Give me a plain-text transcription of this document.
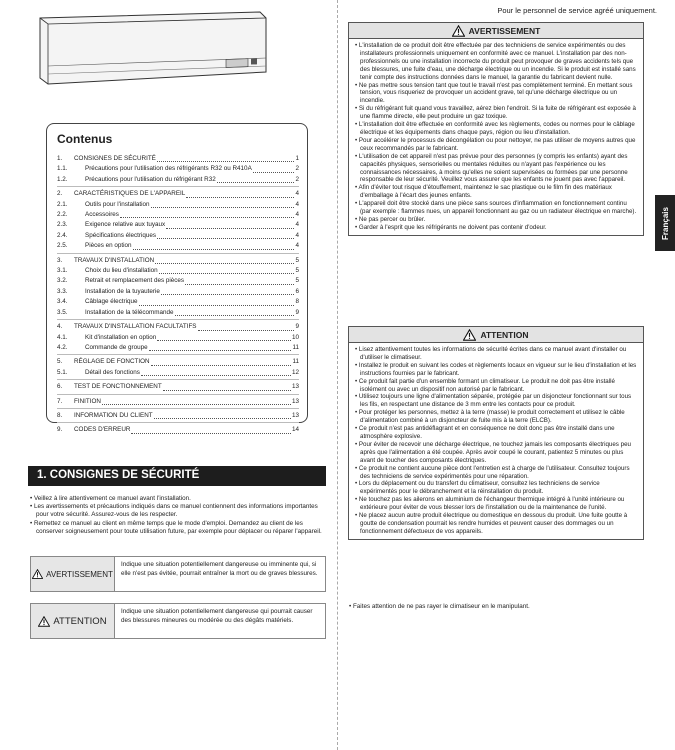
Pour le personnel de service agréé uniquement.
Contenus
1.	CONSIGNES DE SÉCURITÉ	1
1.1.	Précautions pour l'utilisation des réfrigérants R32 ou R410A	2
1.2.	Précautions pour l'utilisation du réfrigérant R32	2
2.	CARACTÉRISTIQUES DE L'APPAREIL	4
2.1.	Outils pour l'installation	4
2.2.	Accessoires	4
2.3.	Exigence relative aux tuyaux	4
2.4.	Spécifications électriques	4
2.5.	Pièces en option	4
3.	TRAVAUX D'INSTALLATION	5
3.1.	Choix du lieu d'installation	5
3.2.	Retrait et remplacement des pièces	5
3.3.	Installation de la tuyauterie	6
3.4.	Câblage électrique	8
3.5.	Installation de la télécommande	9
4.	TRAVAUX D'INSTALLATION FACULTATIFS	9
4.1.	Kit d'installation en option	10
4.2.	Commande de groupe	11
5.	RÉGLAGE DE FONCTION	11
5.1.	Détail des fonctions	12
6.	TEST DE FONCTIONNEMENT	13
7.	FINITION	13
8.	INFORMATION DU CLIENT	13
9.	CODES D'ERREUR	14
1. CONSIGNES DE SÉCURITÉ
• Veillez à lire attentivement ce manuel avant l'installation.
• Les avertissements et précautions indiqués dans ce manuel contiennent des informations importantes pour votre sécurité. Assurez-vous de les respecter.
• Remettez ce manuel au client en même temps que le mode d'emploi. Demandez au client de les conserver soigneusement pour toute utilisation future, par exemple pour déplacer ou réparer l'appareil.
AVERTISSEMENT
Indique une situation potentiellement dangereuse ou imminente qui, si elle n'est pas évitée, pourrait entraîner la mort ou de graves blessures.
ATTENTION
Indique une situation potentiellement dangereuse qui pourrait causer des blessures mineures ou modérée ou des dégâts matériels.
Français
AVERTISSEMENT
• L'installation de ce produit doit être effectuée par des techniciens de service expérimentés ou des installateurs professionnels uniquement en conformité avec ce manuel. L'installation par des non-professionnels ou une installation incorrecte du produit peut provoquer de graves accidents tels que des blessures, une fuite d'eau, une décharge électrique ou un incendie. Si le produit est installé sans tenir compte des instructions données dans le manuel, la garantie du fabricant devient nulle.
• Ne pas mettre sous tension tant que tout le travail n'est pas complètement terminé. En mettant sous tension, vous risqueriez de provoquer un accident grave, tel qu'une décharge électrique ou un incendie.
• Si du réfrigérant fuit quand vous travaillez, aérez bien l'endroit. Si la fuite de réfrigérant est exposée à une flamme directe, elle peut produire un gaz toxique.
• L'installation doit être effectuée en conformité avec les règlements, codes ou normes pour le câblage électrique et les équipements dans chaque pays, région ou lieu d'installation.
• Pour accélérer le processus de décongélation ou pour nettoyer, ne pas utiliser de moyens autres que ceux recommandés par le fabricant.
• L'utilisation de cet appareil n'est pas prévue pour des personnes (y compris les enfants) ayant des capacités physiques, sensorielles ou mentales réduites ou n'ayant pas l'expérience ou les connaissances nécessaires, à moins qu'elles ne soient supervisées ou formées par une personne responsable de leur sécurité. Veuillez vous assurer que les enfants ne jouent pas avec l'appareil.
• Afin d'éviter tout risque d'étouffement, maintenez le sac plastique ou le film fin des matériaux d'emballage à l'écart des jeunes enfants.
• L'appareil doit être stocké dans une pièce sans sources d'inflammation en fonctionnement continu (par exemple : flammes nues, un appareil fonctionnant au gaz ou un radiateur électrique en marche).
• Ne pas percer ou brûler.
• Garder à l'esprit que les réfrigérants ne doivent pas contenir d'odeur.
ATTENTION
• Lisez attentivement toutes les informations de sécurité écrites dans ce manuel avant d'installer ou d'utiliser le climatiseur.
• Installez le produit en suivant les codes et règlements locaux en vigueur sur le lieu d'installation et les instructions fournies par le fabricant.
• Ce produit fait partie d'un ensemble formant un climatiseur. Le produit ne doit pas être installé isolément ou avec un dispositif non autorisé par le fabricant.
• Utilisez toujours une ligne d'alimentation séparée, protégée par un disjoncteur fonctionnant sur tous les fils, en respectant une distance de 3 mm entre les contacts pour ce produit.
• Pour protéger les personnes, mettez à la terre (masse) le produit correctement et utilisez le câble d'alimentation combiné à un disjoncteur de fuite mis à la terre (ELCB).
• Ce produit n'est pas antidéflagrant et en conséquence ne doit donc pas être installé dans une atmosphère explosive.
• Pour éviter de recevoir une décharge électrique, ne touchez jamais les composants électriques peu après que l'alimentation a été coupée. Après avoir coupé le courant, patientez 5 minutes ou plus avant de toucher des composants électriques.
• Ce produit ne contient aucune pièce dont l'entretien est à charge de l'utilisateur. Consultez toujours des techniciens de service expérimentés pour une réparation.
• Lors du déplacement ou du transfert du climatiseur, consultez les techniciens de service expérimentés pour le débranchement et la réinstallation du produit.
• Ne touchez pas les ailerons en aluminium de l'échangeur thermique intégré à l'unité intérieure ou extérieure pour éviter de vous blesser lors de l'installation ou de la maintenance de l'unité.
• Ne placez aucun autre produit électrique ou domestique en dessous du produit. Une fuite goutte à goutte de condensation pourrait les rendre humides et peuvent causer des dommages ou un fonctionnement défectueux de vos appareils.
• Faites attention de ne pas rayer le climatiseur en le manipulant.
